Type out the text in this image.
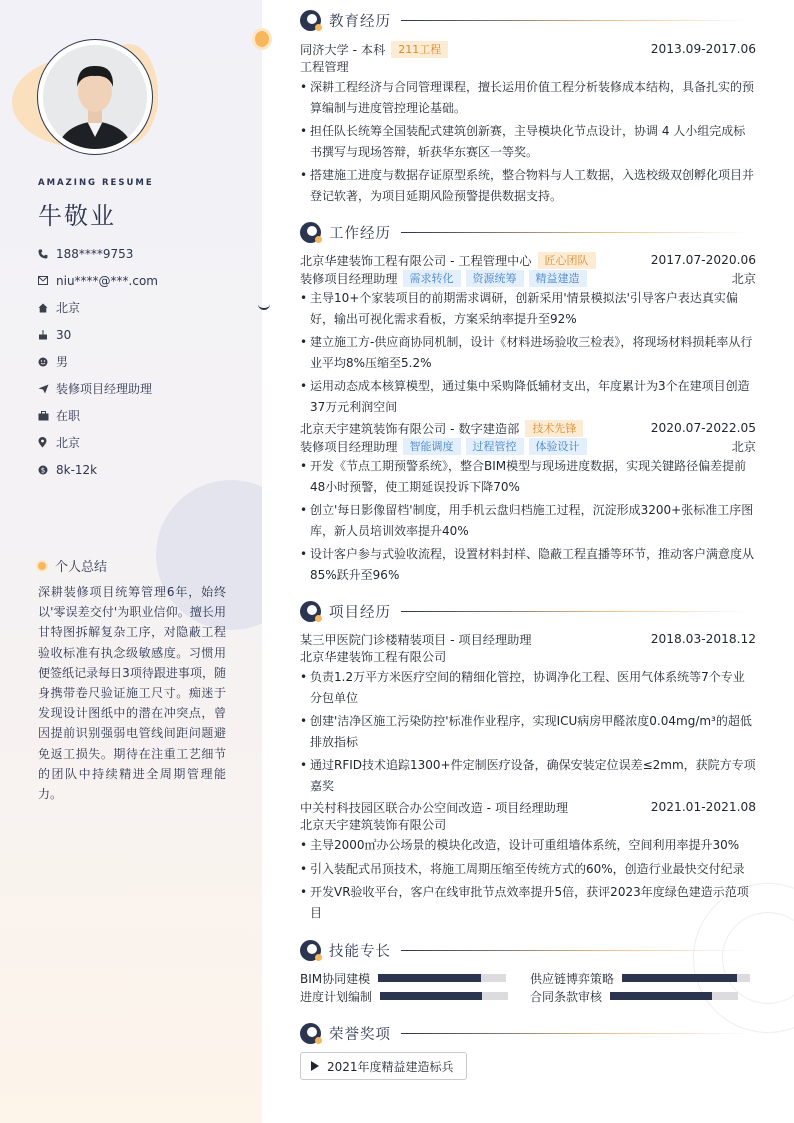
AMAZING RESUME
牛敬业
188****9753
niu****@***.com
北京
30
男
装修项目经理助理
在职
北京
$ 8k-12k
个人总结
深耕装修项目统筹管理6年，始终以'零误差交付'为职业信仰。擅长用甘特图拆解复杂工序，对隐蔽工程验收标准有执念级敏感度。习惯用便签纸记录每日3项待跟进事项，随身携带卷尺验证施工尺寸。痴迷于发现设计图纸中的潜在冲突点，曾因提前识别强弱电管线间距问题避免返工损失。期待在注重工艺细节的团队中持续精进全周期管理能力。
教育经历
同济大学 - 本科	211工程	2013.09-2017.06
工程管理
• 深耕工程经济与合同管理课程，擅长运用价值工程分析装修成本结构，具备扎实的预算编制与进度管控理论基础。
• 担任队长统筹全国装配式建筑创新赛，主导模块化节点设计，协调 4 人小组完成标书撰写与现场答辩，斩获华东赛区一等奖。
• 搭建施工进度与数据存证原型系统，整合物料与人工数据，入选校级双创孵化项目并登记软著，为项目延期风险预警提供数据支持。
工作经历
北京华建装饰工程有限公司 - 工程管理中心	匠心团队	2017.07-2020.06
装修项目经理助理	需求转化	资源统筹	精益建造	北京
• 主导10+个家装项目的前期需求调研，创新采用'情景模拟法'引导客户表达真实偏好，输出可视化需求看板，方案采纳率提升至92%
• 建立施工方-供应商协同机制，设计《材料进场验收三检表》，将现场材料损耗率从行业平均8%压缩至5.2%
• 运用动态成本核算模型，通过集中采购降低辅材支出，年度累计为3个在建项目创造37万元利润空间
北京天宇建筑装饰有限公司 - 数字建造部	技术先锋	2020.07-2022.05
装修项目经理助理	智能调度	过程管控	体验设计	北京
• 开发《节点工期预警系统》，整合BIM模型与现场进度数据，实现关键路径偏差提前48小时预警，使工期延误投诉下降70%
• 创立'每日影像留档'制度，用手机云盘归档施工过程，沉淀形成3200+张标准工序图库，新人员培训效率提升40%
• 设计客户参与式验收流程，设置材料封样、隐蔽工程直播等环节，推动客户满意度从85%跃升至96%
项目经历
某三甲医院门诊楼精装项目 - 项目经理助理	2018.03-2018.12
北京华建装饰工程有限公司
• 负责1.2万平方米医疗空间的精细化管控，协调净化工程、医用气体系统等7个专业分包单位
• 创建'洁净区施工污染防控'标准作业程序，实现ICU病房甲醛浓度0.04mg/m³的超低排放指标
• 通过RFID技术追踪1300+件定制医疗设备，确保安装定位误差≤2mm，获院方专项嘉奖
中关村科技园区联合办公空间改造 - 项目经理助理	2021.01-2021.08
北京天宇建筑装饰有限公司
• 主导2000㎡办公场景的模块化改造，设计可重组墙体系统，空间利用率提升30%
• 引入装配式吊顶技术，将施工周期压缩至传统方式的60%，创造行业最快交付纪录
• 开发VR验收平台，客户在线审批节点效率提升5倍，获评2023年度绿色建造示范项目
技能专长
BIM协同建模	供应链博弈策略
进度计划编制	合同条款审核
荣誉奖项
2021年度精益建造标兵
